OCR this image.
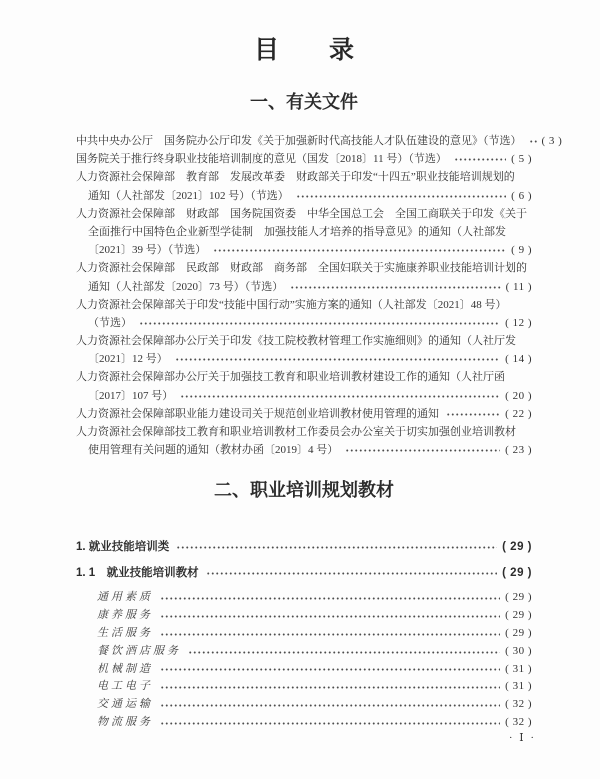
目　　录
一、有关文件
中共中央办公厅　国务院办公厅印发《关于加强新时代高技能人才队伍建设的意见》（节选） ( 3 )
国务院关于推行终身职业技能培训制度的意见（国发〔2018〕11 号）（节选）	( 5 )
人力资源社会保障部　教育部　发展改革委　财政部关于印发“十四五”职业技能培训规划的
通知（人社部发〔2021〕102 号）（节选）	( 6 )
人力资源社会保障部　财政部　国务院国资委　中华全国总工会　全国工商联关于印发《关于
全面推行中国特色企业新型学徒制　加强技能人才培养的指导意见》的通知（人社部发
〔2021〕39 号）（节选）	( 9 )
人力资源社会保障部　民政部　财政部　商务部　全国妇联关于实施康养职业技能培训计划的
通知（人社部发〔2020〕73 号）（节选）	( 11 )
人力资源社会保障部关于印发“技能中国行动”实施方案的通知（人社部发〔2021〕48 号）
（节选）	( 12 )
人力资源社会保障部办公厅关于印发《技工院校教材管理工作实施细则》的通知（人社厅发
〔2021〕12 号）	( 14 )
人力资源社会保障部办公厅关于加强技工教育和职业培训教材建设工作的通知（人社厅函
〔2017〕107 号）	( 20 )
人力资源社会保障部职业能力建设司关于规范创业培训教材使用管理的通知	( 22 )
人力资源社会保障部技工教育和职业培训教材工作委员会办公室关于切实加强创业培训教材
使用管理有关问题的通知（教材办函〔2019〕4 号）	( 23 )
二、职业培训规划教材
1. 就业技能培训类	( 29 )
1. 1　就业技能培训教材	( 29 )
通用素质	( 29 )
康养服务	( 29 )
生活服务	( 29 )
餐饮酒店服务	( 30 )
机械制造	( 31 )
电工电子	( 31 )
交通运输	( 32 )
物流服务	( 32 )
· Ⅰ ·
